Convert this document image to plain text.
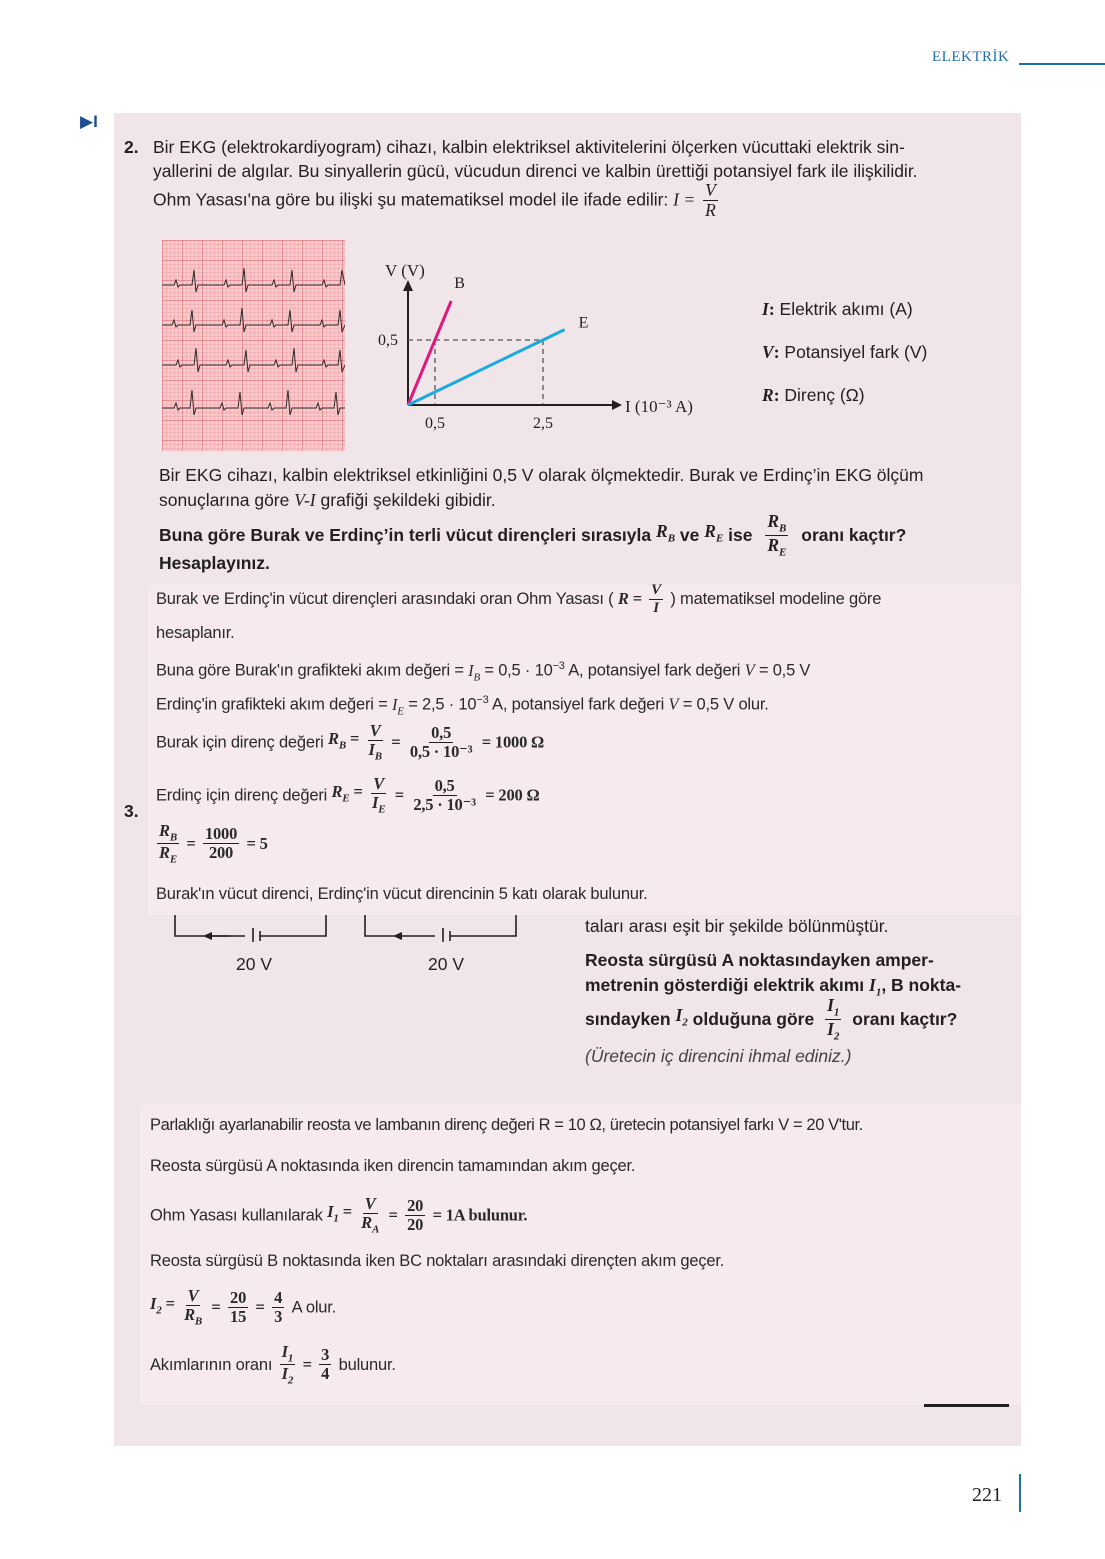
ELEKTRİK
▶I
2. Bir EKG (elektrokardiyogram) cihazı, kalbin elektriksel aktivitelerini ölçerken vücuttaki elektrik sin-
yallerini de algılar. Bu sinyallerin gücü, vücudun direnci ve kalbin ürettiği potansiyel fark ile ilişkilidir.
Ohm Yasası'na göre bu ilişki şu matematiksel model ile ifade edilir: $I = \frac{V}{R}$
B
E
0,5	2,5
0,5
V (V)
I (10⁻³ A)
I: Elektrik akımı (A)
V: Potansiyel fark (V)
R: Direnç (Ω)
Bir EKG cihazı, kalbin elektriksel etkinliğini 0,5 V olarak ölçmektedir. Burak ve Erdinç’in EKG ölçüm
sonuçlarına göre V-I grafiği şekildeki gibidir.
Buna göre Burak ve Erdinç’in terli vücut dirençleri sırasıyla $R_B$ ve $R_E$ ise $\frac{R_B}{R_E}$ oranı kaçtır?
Hesaplayınız.
3.
20 V	20 V
taları arası eşit bir şekilde bölünmüştür.
Reosta sürgüsü A noktasındayken amper-
metrenin gösterdiği elektrik akımı $I_1$, B nokta-
sındayken $I_2$ olduğuna göre $\frac{I_1}{I_2}$ oranı kaçtır?
(Üretecin iç direncini ihmal ediniz.)
Burak ve Erdinç'in vücut dirençleri arasındaki oran Ohm Yasası ( $R = \frac{V}{I}$ ) matematiksel modeline göre
hesaplanır.
Buna göre Burak'ın grafikteki akım değeri = $I_B = 0,5 \cdot 10^{-3}$ A, potansiyel fark değeri V = 0,5 V
Erdinç'in grafikteki akım değeri = $I_E = 2,5 \cdot 10^{-3}$ A, potansiyel fark değeri V = 0,5 V olur.
Burak için direnç değeri $R_B = \frac{V}{I_B} = \frac{0,5}{\text{0,5 · 10⁻³}} = 1000$ Ω
Erdinç için direnç değeri $R_E = \frac{V}{I_E} = \frac{0,5}{\text{2,5 · 10⁻³}} = 200$ Ω
$\frac{R_B}{R_E} = \frac{1000}{200} = 5$
Burak'ın vücut direnci, Erdinç'in vücut direncinin 5 katı olarak bulunur.
Parlaklığı ayarlanabilir reosta ve lambanın direnç değeri R = 10 Ω, üretecin potansiyel farkı V = 20 V'tur.
Reosta sürgüsü A noktasında iken direncin tamamından akım geçer.
Ohm Yasası kullanılarak $I_1 = \frac{V}{R_A} = \frac{20}{20} = 1A$ bulunur.
Reosta sürgüsü B noktasında iken BC noktaları arasındaki dirençten akım geçer.
$I_2 = \frac{V}{R_B} = \frac{20}{15} = \frac{4}{3}$ A olur.
Akımlarının oranı $\frac{I_1}{I_2} = \frac{3}{4}$ bulunur.
221
